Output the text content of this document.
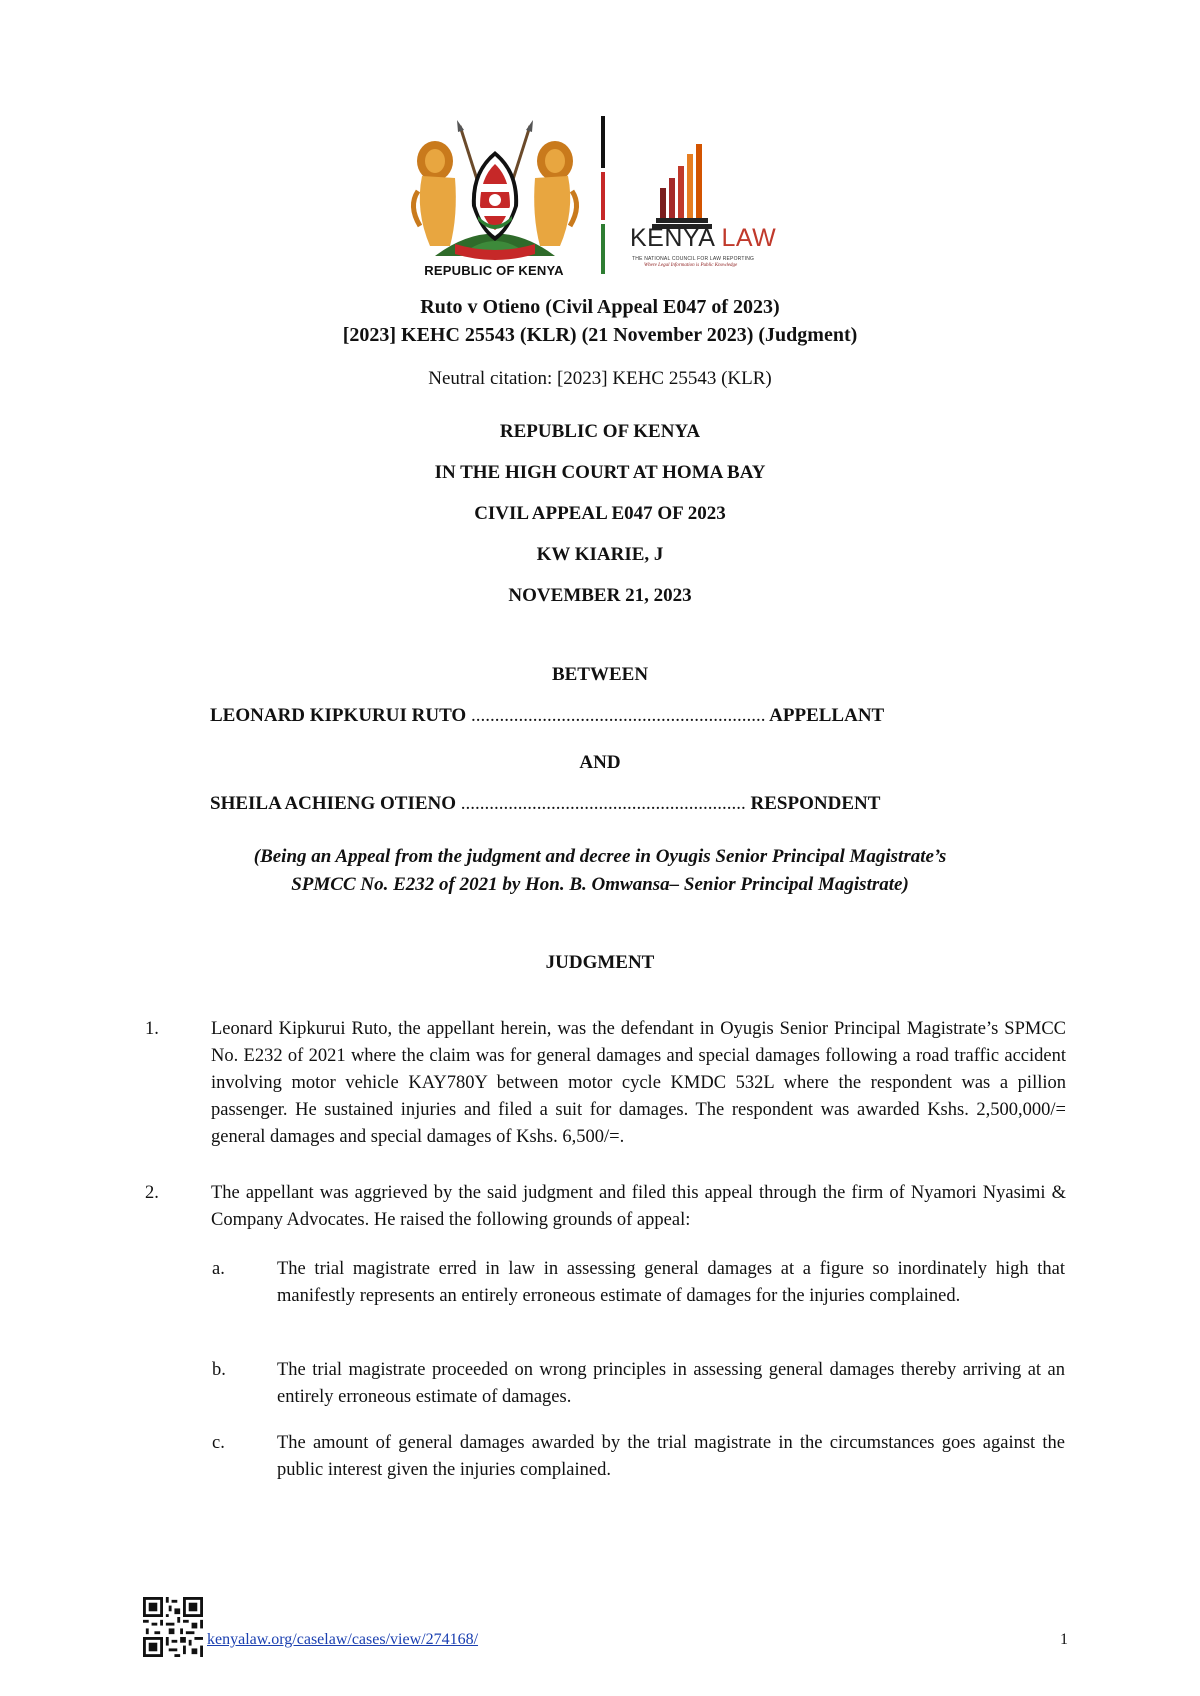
REPUBLIC OF KENYA
KENYA LAW
THE NATIONAL COUNCIL FOR LAW REPORTING
Where Legal Information is Public Knowledge
Ruto v Otieno (Civil Appeal E047 of 2023)
[2023] KEHC 25543 (KLR) (21 November 2023) (Judgment)
Neutral citation: [2023] KEHC 25543 (KLR)
REPUBLIC OF KENYA
IN THE HIGH COURT AT HOMA BAY
CIVIL APPEAL E047 OF 2023
KW KIARIE, J
NOVEMBER 21, 2023
BETWEEN
LEONARD KIPKURUI RUTO .............................................................. APPELLANT
AND
SHEILA ACHIENG OTIENO ............................................................ RESPONDENT
(Being an Appeal from the judgment and decree in Oyugis Senior Principal Magistrate’s
SPMCC No. E232 of 2021 by Hon. B. Omwansa– Senior Principal Magistrate)
JUDGMENT
1.	Leonard Kipkurui Ruto, the appellant herein, was the defendant in Oyugis Senior Principal Magistrate’s SPMCC No. E232 of 2021 where the claim was for general damages and special damages following a road traffic accident involving motor vehicle KAY780Y between motor cycle KMDC 532L where the respondent was a pillion passenger. He sustained injuries and filed a suit for damages. The respondent was awarded Kshs. 2,500,000/= general damages and special damages of Kshs. 6,500/=.
2.	The appellant was aggrieved by the said judgment and filed this appeal through the firm of Nyamori Nyasimi & Company Advocates. He raised the following grounds of appeal:
a.	The trial magistrate erred in law in assessing general damages at a figure so inordinately high that manifestly represents an entirely erroneous estimate of damages for the injuries complained.
b.	The trial magistrate proceeded on wrong principles in assessing general damages thereby arriving at an entirely erroneous estimate of damages.
c.	The amount of general damages awarded by the trial magistrate in the circumstances goes against the public interest given the injuries complained.
kenyalaw.org/caselaw/cases/view/274168/	1
